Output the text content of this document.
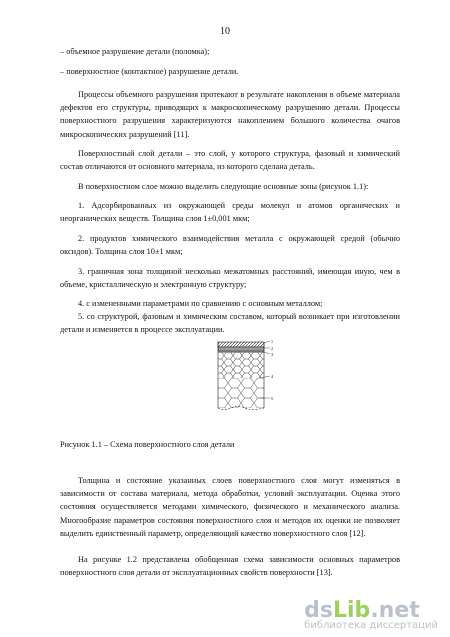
10

– объемное разрушение детали (поломка);

– поверхностное (контактное) разрушение детали.

Процессы объемного разрушения протекают в результате накопления в объеме материала дефектов его структуры, приводящих к макроскопическому разрушению детали. Процессы поверхностного разрушения характеризуются накоплением большого количества очагов микроскопических разрушений [11].

Поверхностный слой детали – это слой, у которого структура, фазовый и химический состав отличаются от основного материала, из которого сделана деталь.

В поверхностном слое можно выделить следующие основные зоны (рисунок 1.1):

1. Адсорбированных из окружающей среды молекул и атомов органических и неорганических веществ. Толщина слоя 1±0,001 мкм;

2. продуктов химического взаимодействия металла с окружающей средой (обычно оксидов). Толщина слоя 10±1 мкм;

3. граничная зона толщиной несколько межатомных расстояний, имеющая иную, чем в объеме, кристаллическую и электронную структуру;

4. с измененными параметрами по сравнению с основным металлом;

5. со структурой, фазовым и химическим составом, который возникает при изготовлении детали и изменяется в процессе эксплуатации.

1
2
3
4
5
Рисунок 1.1 – Схема поверхностного слоя детали

Толщина и состояние указанных слоев поверхностного слоя могут изменяться в зависимости от состава материала, метода обработки, условий эксплуатации. Оценка этого состояния осуществляется методами химического, физического и механического анализа. Многообразие параметров состояния поверхностного слоя и методов их оценки не позволяет выделить единственный параметр, определяющий качество поверхностного слоя [12].

На рисунке 1.2 представлена обобщенная схема зависимости основных параметров поверхностного слоя детали от эксплуатационных свойств поверхности [13].

dsLib.net
библиотека диссертаций
